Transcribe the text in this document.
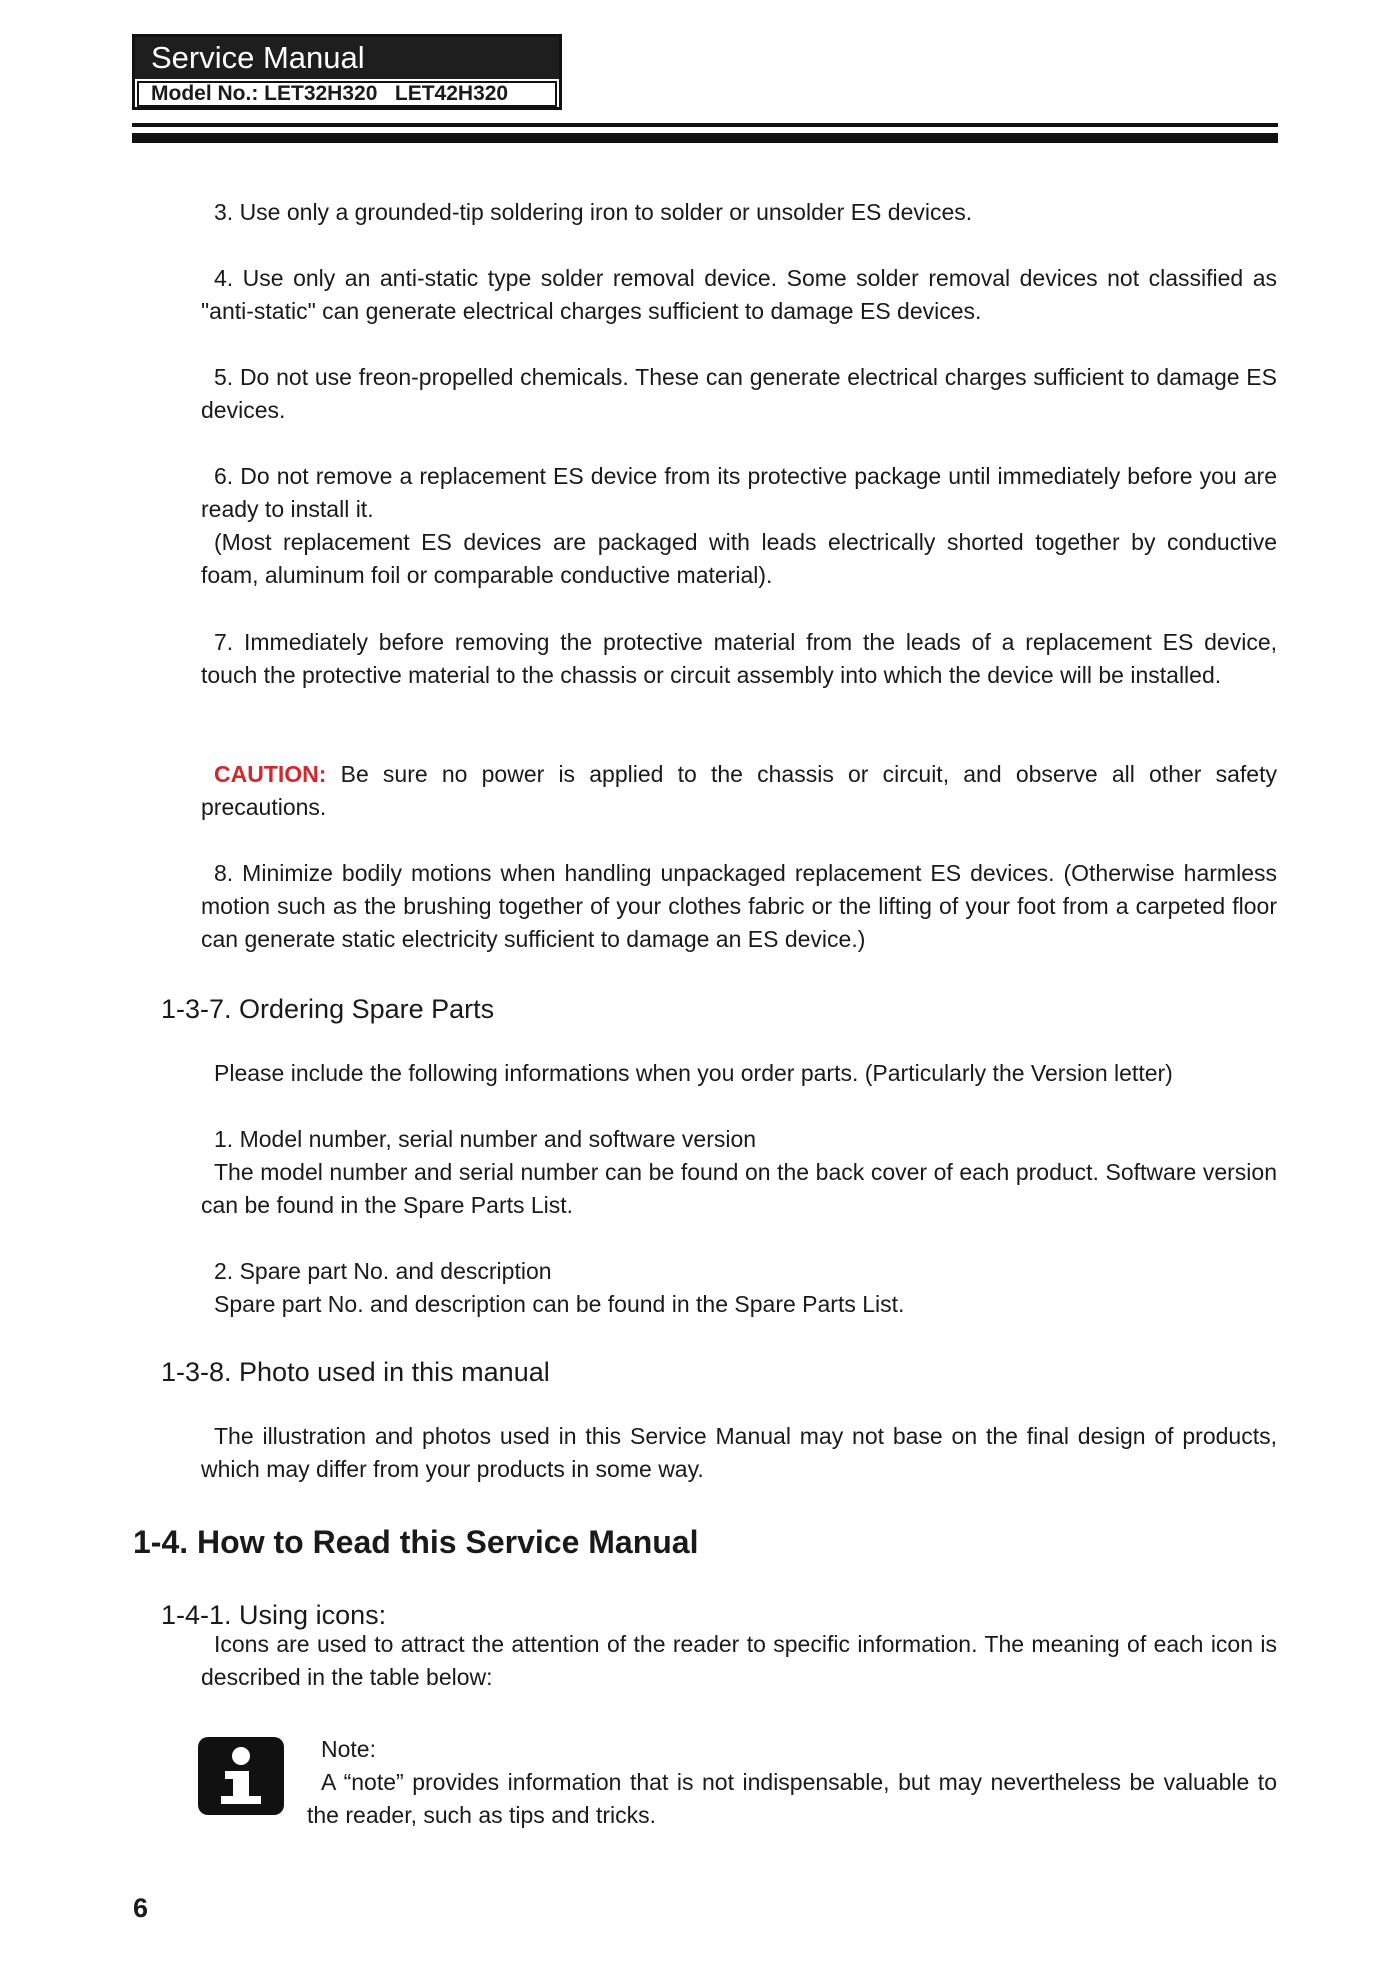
Service Manual
Model No.: LET32H320   LET42H320

3. Use only a grounded-tip soldering iron to solder or unsolder ES devices.

4. Use only an anti-static type solder removal device. Some solder removal devices not classified as "anti-static" can generate electrical charges sufficient to damage ES devices.

5. Do not use freon-propelled chemicals. These can generate electrical charges sufficient to damage ES devices.

6. Do not remove a replacement ES device from its protective package until immediately before you are ready to install it.

(Most replacement ES devices are packaged with leads electrically shorted together by conductive foam, aluminum foil or comparable conductive material).

7. Immediately before removing the protective material from the leads of a replacement ES device, touch the protective material to the chassis or circuit assembly into which the device will be installed.

CAUTION: Be sure no power is applied to the chassis or circuit, and observe all other safety precautions.

8. Minimize bodily motions when handling unpackaged replacement ES devices. (Otherwise harmless motion such as the brushing together of your clothes fabric or the lifting of your foot from a carpeted floor can generate static electricity sufficient to damage an ES device.)

1-3-7. Ordering Spare Parts

Please include the following informations when you order parts. (Particularly the Version letter)

1. Model number, serial number and software version

The model number and serial number can be found on the back cover of each product. Software version can be found in the Spare Parts List.

2. Spare part No. and description

Spare part No. and description can be found in the Spare Parts List.

1-3-8. Photo used in this manual

The illustration and photos used in this Service Manual may not base on the final design of products, which may differ from your products in some way.

1-4. How to Read this Service Manual
1-4-1. Using icons:

Icons are used to attract the attention of the reader to specific information. The meaning of each icon is described in the table below:

Note:

A “note” provides information that is not indispensable, but may nevertheless be valuable to the reader, such as tips and tricks.

6
